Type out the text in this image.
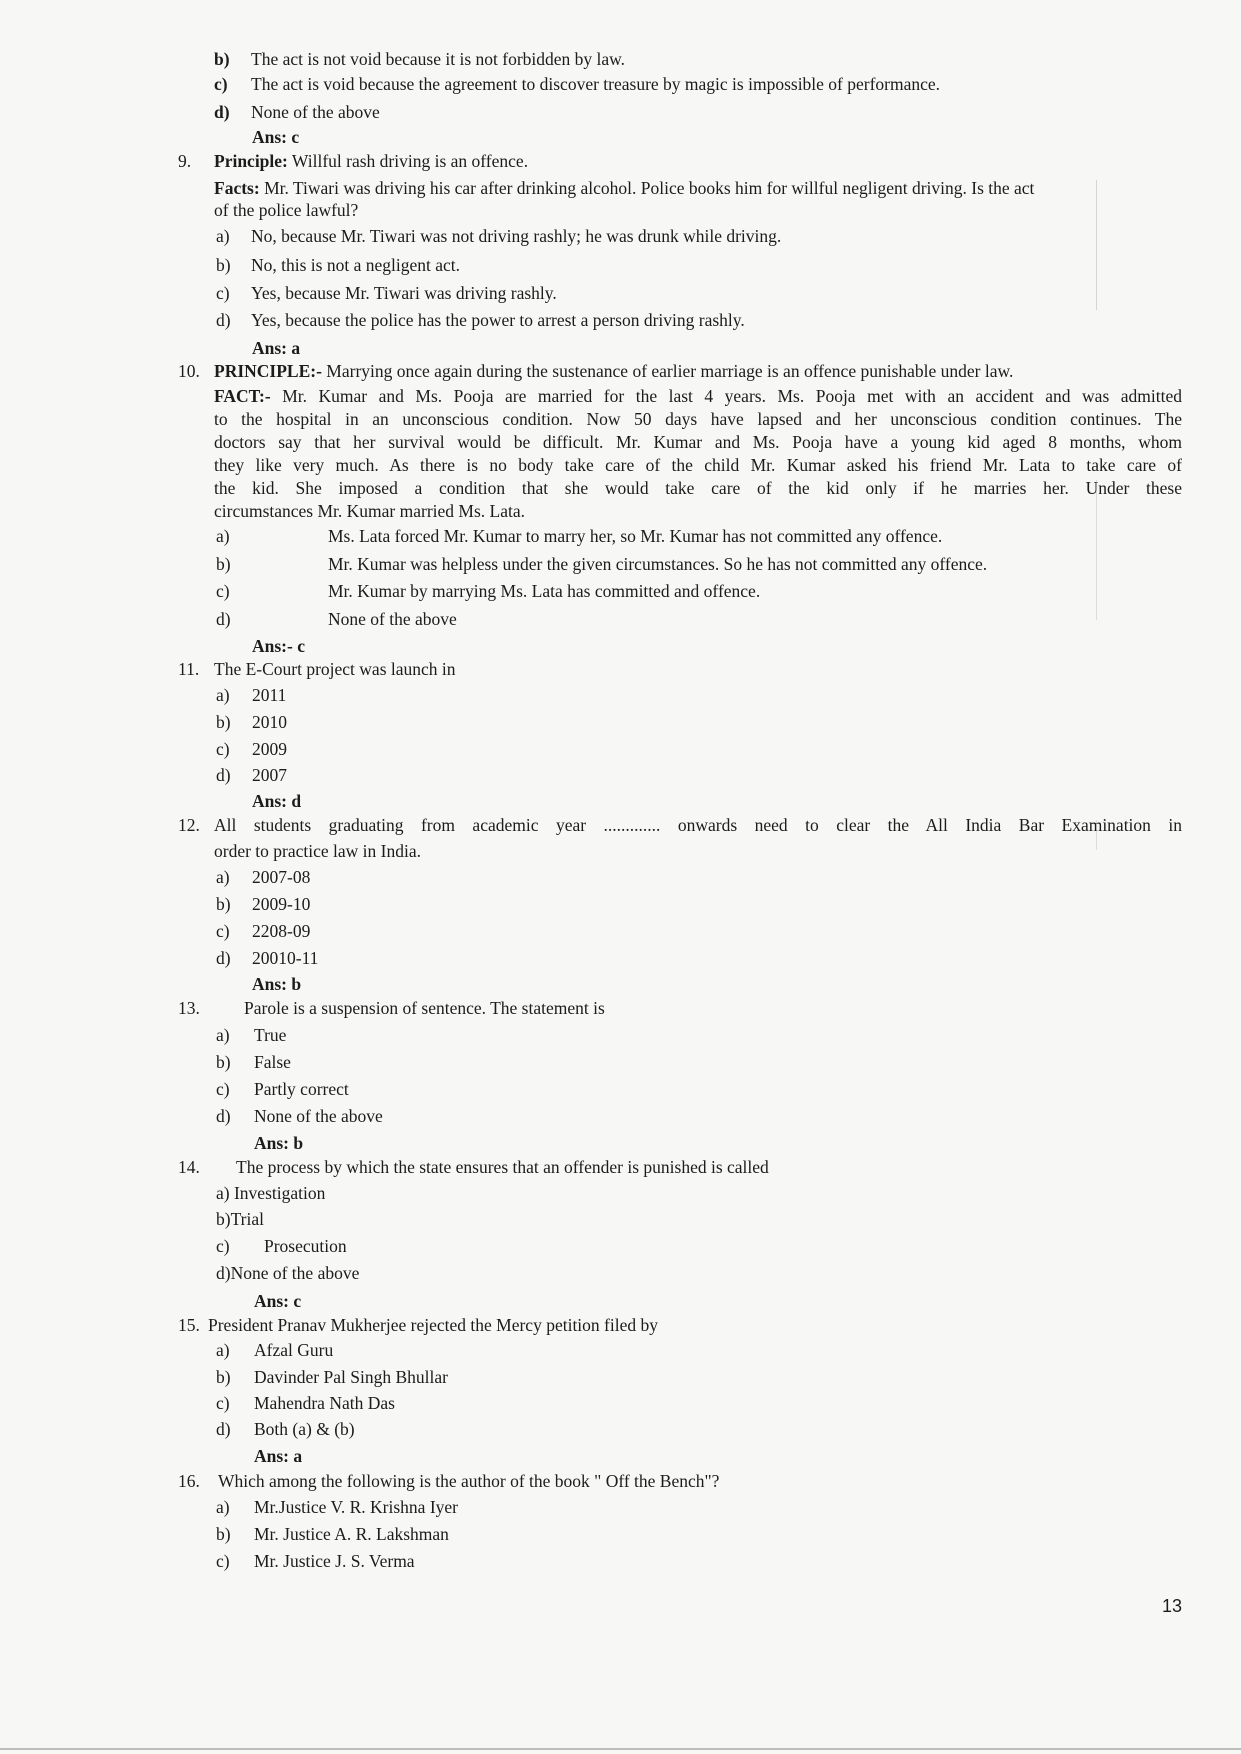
b) The act is not void because it is not forbidden by law.
c) The act is void because the agreement to discover treasure by magic is impossible of performance.
d) None of the above
Ans: c
9. Principle: Willful rash driving is an offence.
Facts: Mr. Tiwari was driving his car after drinking alcohol. Police books him for willful negligent driving. Is the act
of the police lawful?
a) No, because Mr. Tiwari was not driving rashly; he was drunk while driving.
b) No, this is not a negligent act.
c) Yes, because Mr. Tiwari was driving rashly.
d) Yes, because the police has the power to arrest a person driving rashly.
Ans: a
10. PRINCIPLE:- Marrying once again during the sustenance of earlier marriage is an offence punishable under law.
FACT:- Mr. Kumar and Ms. Pooja are married for the last 4 years. Ms. Pooja met with an accident and was admitted
to the hospital in an unconscious condition. Now 50 days have lapsed and her unconscious condition continues. The
doctors say that her survival would be difficult. Mr. Kumar and Ms. Pooja have a young kid aged 8 months, whom
they like very much. As there is no body take care of the child Mr. Kumar asked his friend Mr. Lata to take care of
the kid. She imposed a condition that she would take care of the kid only if he marries her. Under these
circumstances Mr. Kumar married Ms. Lata.
a)	Ms. Lata forced Mr. Kumar to marry her, so Mr. Kumar has not committed any offence.
b)	Mr. Kumar was helpless under the given circumstances. So he has not committed any offence.
c)	Mr. Kumar by marrying Ms. Lata has committed and offence.
d)	None of the above
Ans:- c
11. The E-Court project was launch in
a) 2011
b) 2010
c) 2009
d) 2007
Ans: d
12. All students graduating from academic year ............. onwards need to clear the All India Bar Examination in
order to practice law in India.
a) 2007-08
b) 2009-10
c) 2208-09
d) 20010-11
Ans: b
13.	Parole is a suspension of sentence. The statement is
a) True
b) False
c) Partly correct
d) None of the above
Ans: b
14. The process by which the state ensures that an offender is punished is called
a) Investigation
b)Trial
c) Prosecution
d)None of the above
Ans: c
15. President Pranav Mukherjee rejected the Mercy petition filed by
a) Afzal Guru
b) Davinder Pal Singh Bhullar
c) Mahendra Nath Das
d) Both (a) & (b)
Ans: a
16. Which among the following is the author of the book " Off the Bench"?
a) Mr.Justice V. R. Krishna Iyer
b) Mr. Justice A. R. Lakshman
c) Mr. Justice J. S. Verma
13
